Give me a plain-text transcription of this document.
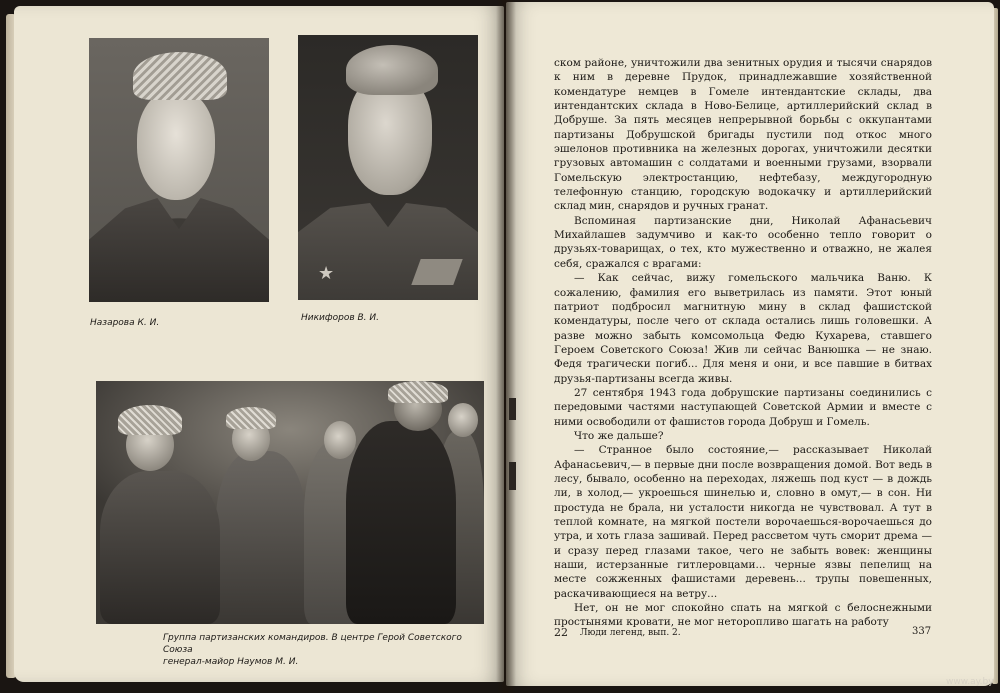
Назарова К. И.
★
Никифоров В. И.
Группа партизанских командиров. В центре Герой Советского Союза
генерал-майор Наумов М. И.

ском районе, уничтожили два зенитных орудия и тысячи снарядов к ним в деревне Прудок, принадлежавшие хозяйственной комендатуре немцев в Гомеле интендантские склады, два интендантских склада в Ново-Белице, артиллерийский склад в Добруше. За пять месяцев непрерывной борьбы с оккупантами партизаны Добрушской бригады пустили под откос много эшелонов противника на железных дорогах, уничтожили десятки грузовых автомашин с солдатами и военными грузами, взорвали Гомельскую электростанцию, нефтебазу, междугородную телефонную станцию, городскую водокачку и артиллерийский склад мин, снарядов и ручных гранат.

Вспоминая партизанские дни, Николай Афанасьевич Михайлашев задумчиво и как-то особенно тепло говорит о друзьях-товарищах, о тех, кто мужественно и отважно, не жалея себя, сражался с врагами:

— Как сейчас, вижу гомельского мальчика Ваню. К сожалению, фамилия его выветрилась из памяти. Этот юный патриот подбросил магнитную мину в склад фашистской комендатуры, после чего от склада остались лишь головешки. А разве можно забыть комсомольца Федю Кухарева, ставшего Героем Советского Союза! Жив ли сейчас Ванюшка — не знаю. Федя трагически погиб... Для меня и они, и все павшие в битвах друзья-партизаны всегда живы.

27 сентября 1943 года добрушские партизаны соединились с передовыми частями наступающей Советской Армии и вместе с ними освободили от фашистов города Добруш и Гомель.

Что же дальше?

— Странное было состояние,— рассказывает Николай Афанасьевич,— в первые дни после возвращения домой. Вот ведь в лесу, бывало, особенно на переходах, ляжешь под куст — в дождь ли, в холод,— укроешься шинелью и, словно в омут,— в сон. Ни простуда не брала, ни усталости никогда не чувствовал. А тут в теплой комнате, на мягкой постели ворочаешься-ворочаешься до утра, и хоть глаза зашивай. Перед рассветом чуть сморит дрема — и сразу перед глазами такое, чего не забыть вовек: женщины наши, истерзанные гитлеровцами... черные язвы пепелищ на месте сожженных фашистами деревень... трупы повешенных, раскачивающиеся на ветру...

Нет, он не мог спокойно спать на мягкой с белоснежными простынями кровати, не мог неторопливо шагать на работу

22 Люди легенд, вып. 2.	337
www.ay.by
